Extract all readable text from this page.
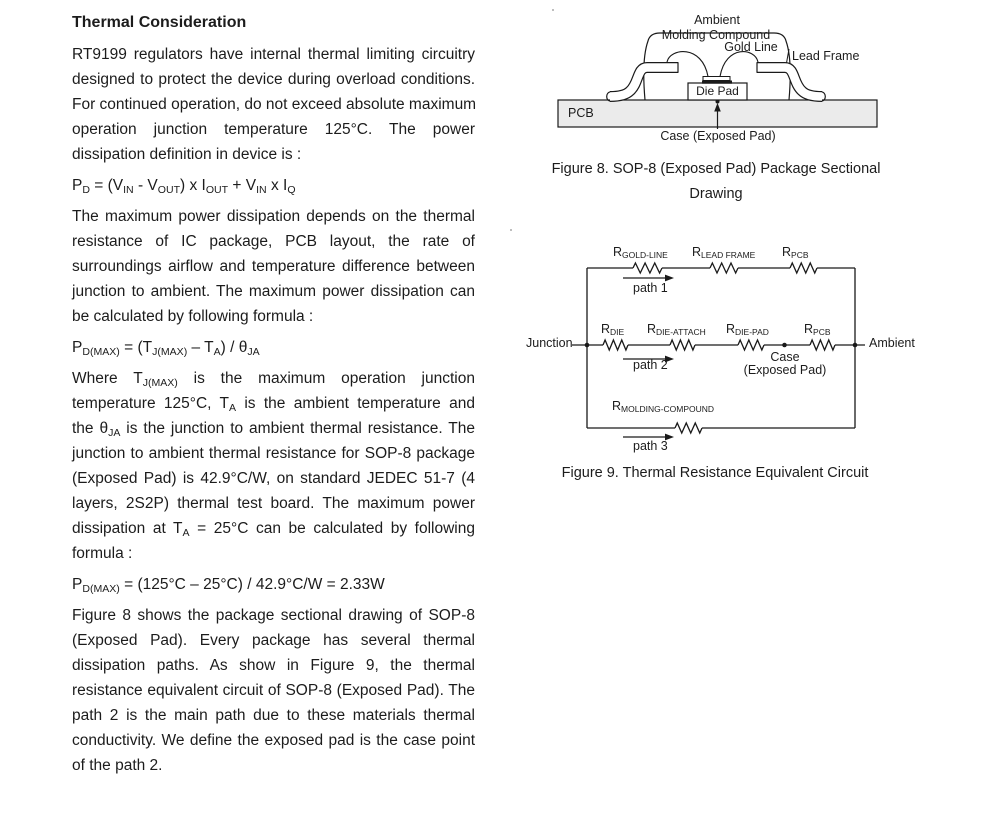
Thermal Consideration
RT9199 regulators have internal thermal limiting circuitry
designed to protect the device during overload conditions.
For continued operation, do not exceed absolute maximum
operation junction temperature 125°C. The power
dissipation definition in device is :
$P_D = (V_{IN} - V_{OUT})$ x $I_{OUT} + V_{IN}$ x $I_Q$
The maximum power dissipation depends on the thermal
resistance of IC package, PCB layout, the rate of
surroundings airflow and temperature difference between
junction to ambient. The maximum power dissipation can
be calculated by following formula :
$P_{D(MAX)} = (T_{J(MAX)} - T_A) / \theta_{JA}$
Where $T_{J(MAX)}$ is the maximum operation junction
temperature 125°C, $T_A$ is the ambient temperature and
the $\theta_{JA}$ is the junction to ambient thermal resistance. The
junction to ambient thermal resistance for SOP-8 package
(Exposed Pad) is 42.9°C/W, on standard JEDEC 51-7 (4
layers, 2S2P) thermal test board. The maximum power
dissipation at $T_A = 25^\circ C$ can be calculated by following
formula :
$P_{D(MAX)} = (125^\circ C - 25^\circ C) / 42.9^\circ C/W = 2.33W$
Figure 8 shows the package sectional drawing of SOP-8
(Exposed Pad). Every package has several thermal
dissipation paths. As show in Figure 9, the thermal
resistance equivalent circuit of SOP-8 (Exposed Pad). The
path 2 is the main path due to these materials thermal
conductivity. We define the exposed pad is the case point
of the path 2.
Ambient
Molding Compound
Gold Line
Lead Frame
Die Pad
PCB
Case (Exposed Pad)
Figure 8. SOP-8 (Exposed Pad) Package Sectional
Drawing
Junction	Ambient
$R_{GOLD-LINE}$ $R_{LEAD FRAME}$ $R_{PCB}$
$R_{DIE}$ $R_{DIE-ATTACH}$ $R_{DIE-PAD}$	$R_{PCB}$
$R_{MOLDING-COMPOUND}$
path 1
path 2
path 3
Case
(Exposed Pad)
Figure 9. Thermal Resistance Equivalent Circuit
